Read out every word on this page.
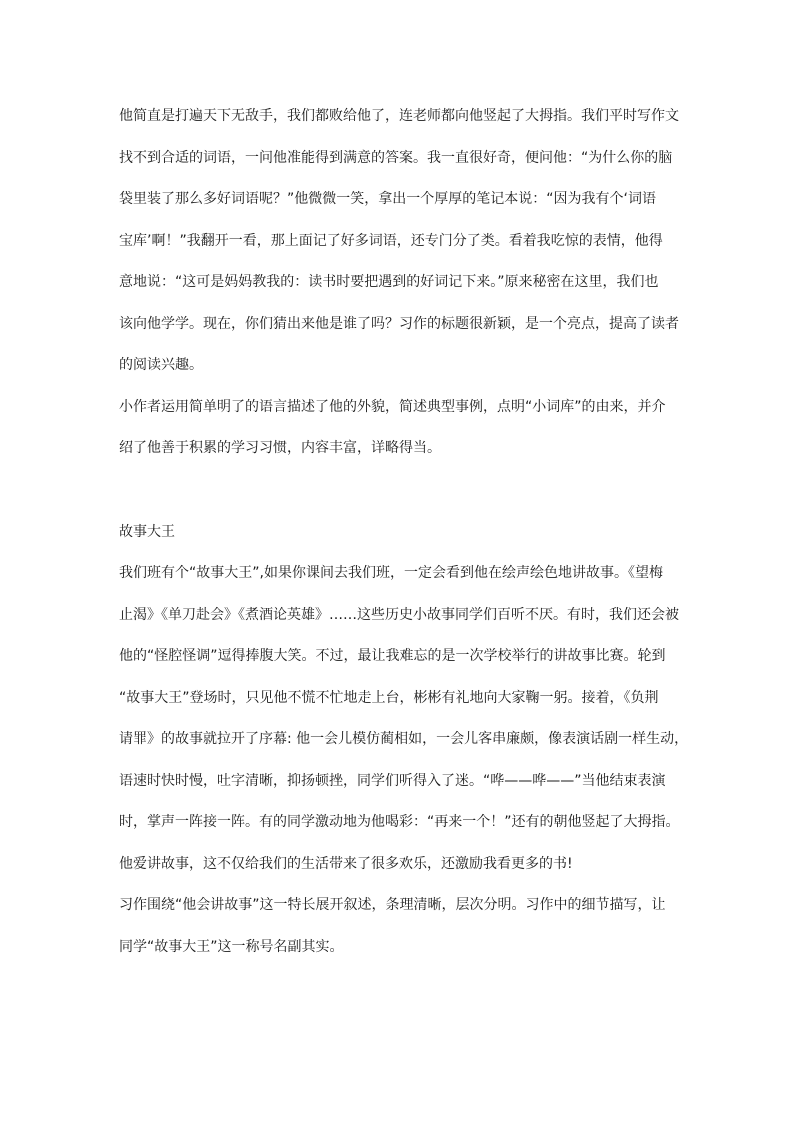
他简直是打遍天下无敌手，我们都败给他了，连老师都向他竖起了大拇指。我们平时写作文
找不到合适的词语，一问他准能得到满意的答案。我一直很好奇，便问他：“为什么你的脑
袋里装了那么多好词语呢？”他微微一笑，拿出一个厚厚的笔记本说：“因为我有个‘词语
宝库’啊！”我翻开一看，那上面记了好多词语，还专门分了类。看着我吃惊的表情，他得
意地说：“这可是妈妈教我的：读书时要把遇到的好词记下来。”原来秘密在这里，我们也
该向他学学。现在，你们猜出来他是谁了吗？习作的标题很新颖，是一个亮点，提高了读者
的阅读兴趣。
小作者运用简单明了的语言描述了他的外貌，简述典型事例，点明“小词库”的由来，并介
绍了他善于积累的学习习惯，内容丰富，详略得当。
故事大王
我们班有个“故事大王”,如果你课间去我们班，一定会看到他在绘声绘色地讲故事。《望梅
止渴》《单刀赴会》《煮酒论英雄》……这些历史小故事同学们百听不厌。有时，我们还会被
他的“怪腔怪调”逗得捧腹大笑。不过，最让我难忘的是一次学校举行的讲故事比赛。轮到
“故事大王”登场时，只见他不慌不忙地走上台，彬彬有礼地向大家鞠一躬。接着，《负荆
请罪》的故事就拉开了序幕: 他一会儿模仿蔺相如，一会儿客串廉颇，像表演话剧一样生动，
语速时快时慢，吐字清晰，抑扬顿挫，同学们听得入了迷。“哗——哗——”当他结束表演
时，掌声一阵接一阵。有的同学激动地为他喝彩：“再来一个！”还有的朝他竖起了大拇指。
他爱讲故事，这不仅给我们的生活带来了很多欢乐，还激励我看更多的书!
习作围绕“他会讲故事”这一特长展开叙述，条理清晰，层次分明。习作中的细节描写，让
同学“故事大王”这一称号名副其实。
